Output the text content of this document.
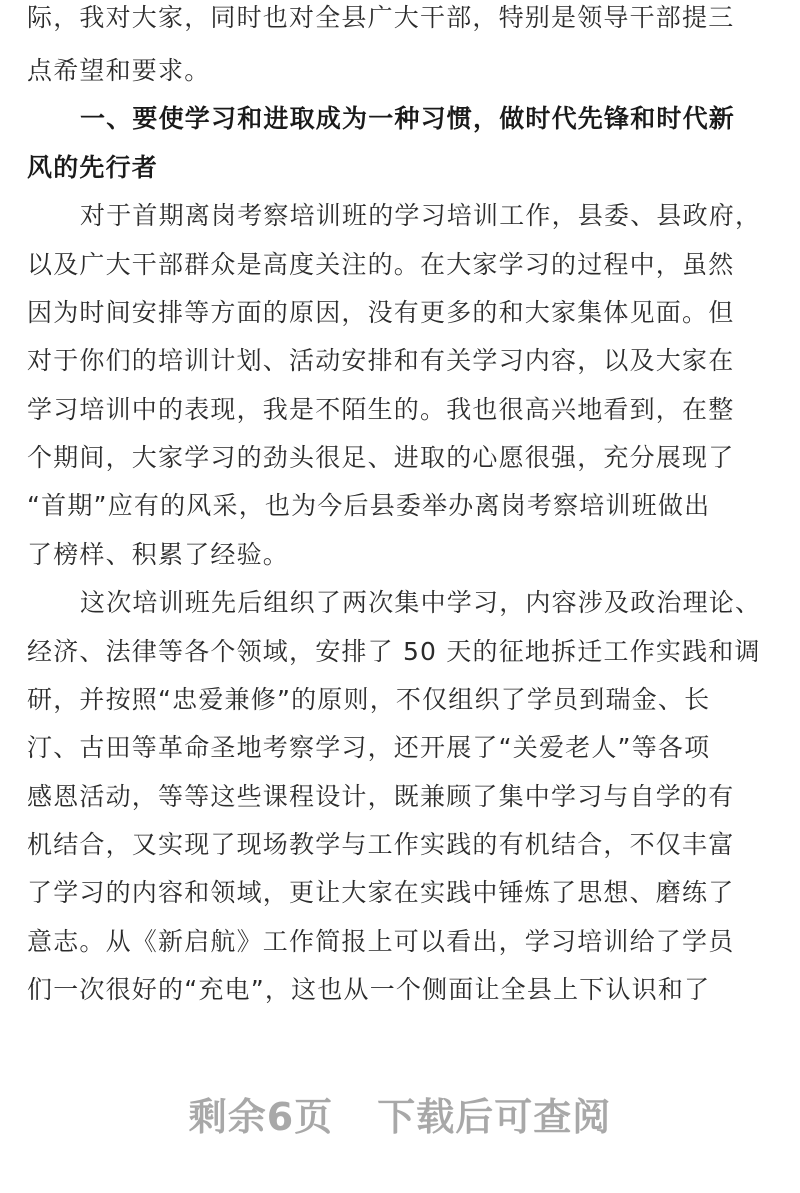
际，我对大家，同时也对全县广大干部，特别是领导干部提三
点希望和要求。
一、要使学习和进取成为一种习惯，做时代先锋和时代新
风的先行者
对于首期离岗考察培训班的学习培训工作，县委、县政府，
以及广大干部群众是高度关注的。在大家学习的过程中，虽然
因为时间安排等方面的原因，没有更多的和大家集体见面。但
对于你们的培训计划、活动安排和有关学习内容，以及大家在
学习培训中的表现，我是不陌生的。我也很高兴地看到，在整
个期间，大家学习的劲头很足、进取的心愿很强，充分展现了
“首期”应有的风采，也为今后县委举办离岗考察培训班做出
了榜样、积累了经验。
这次培训班先后组织了两次集中学习，内容涉及政治理论、
经济、法律等各个领域，安排了 50 天的征地拆迁工作实践和调
研，并按照“忠爱兼修”的原则，不仅组织了学员到瑞金、长
汀、古田等革命圣地考察学习，还开展了“关爱老人”等各项
感恩活动，等等这些课程设计，既兼顾了集中学习与自学的有
机结合，又实现了现场教学与工作实践的有机结合，不仅丰富
了学习的内容和领域，更让大家在实践中锤炼了思想、磨练了
意志。从《新启航》工作简报上可以看出，学习培训给了学员
们一次很好的“充电”，这也从一个侧面让全县上下认识和了
剩余6页 下载后可查阅
